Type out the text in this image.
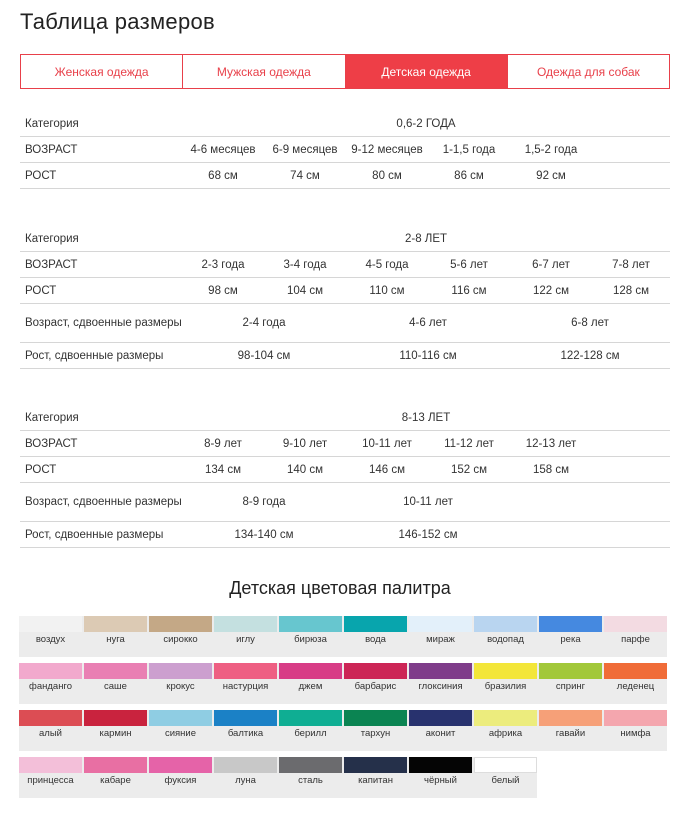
Таблица размеров
Женская одежда	Мужская одежда	Детская одежда	Одежда для собак
Категория	0,6-2 ГОДА					
ВОЗРАСТ	4-6 месяцев	6-9 месяцев	9-12 месяцев	1-1,5 года	1,5-2 года	
РОСТ	68 см	74 см	80 см	86 см	92 см	
Категория	2-8 ЛЕТ					
ВОЗРАСТ	2-3 года	3-4 года	4-5 года	5-6 лет	6-7 лет	7-8 лет
РОСТ	98 см	104 см	110 см	116 см	122 см	128 см
Возраст, сдвоенные размеры	2-4 года		4-6 лет		6-8 лет	
Рост, сдвоенные размеры	98-104 см		110-116 см		122-128 см	
Категория	8-13 ЛЕТ					
ВОЗРАСТ	8-9 лет	9-10 лет	10-11 лет	11-12 лет	12-13 лет	
РОСТ	134 см	140 см	146 см	152 см	158 см	
Возраст, сдвоенные размеры	8-9 года		10-11 лет			
Рост, сдвоенные размеры	134-140 см		146-152 см			
Детская цветовая палитра
воздух	нуга	сирокко	иглу	бирюза	вода	мираж	водопад	река	парфе
фанданго	саше	крокус	настурция	джем	барбарис	глоксиния	бразилия	спринг	леденец
алый	кармин	сияние	балтика	берилл	тархун	аконит	африка	гавайи	нимфа
принцесса	кабаре	фуксия	луна	сталь	капитан	чёрный	белый
